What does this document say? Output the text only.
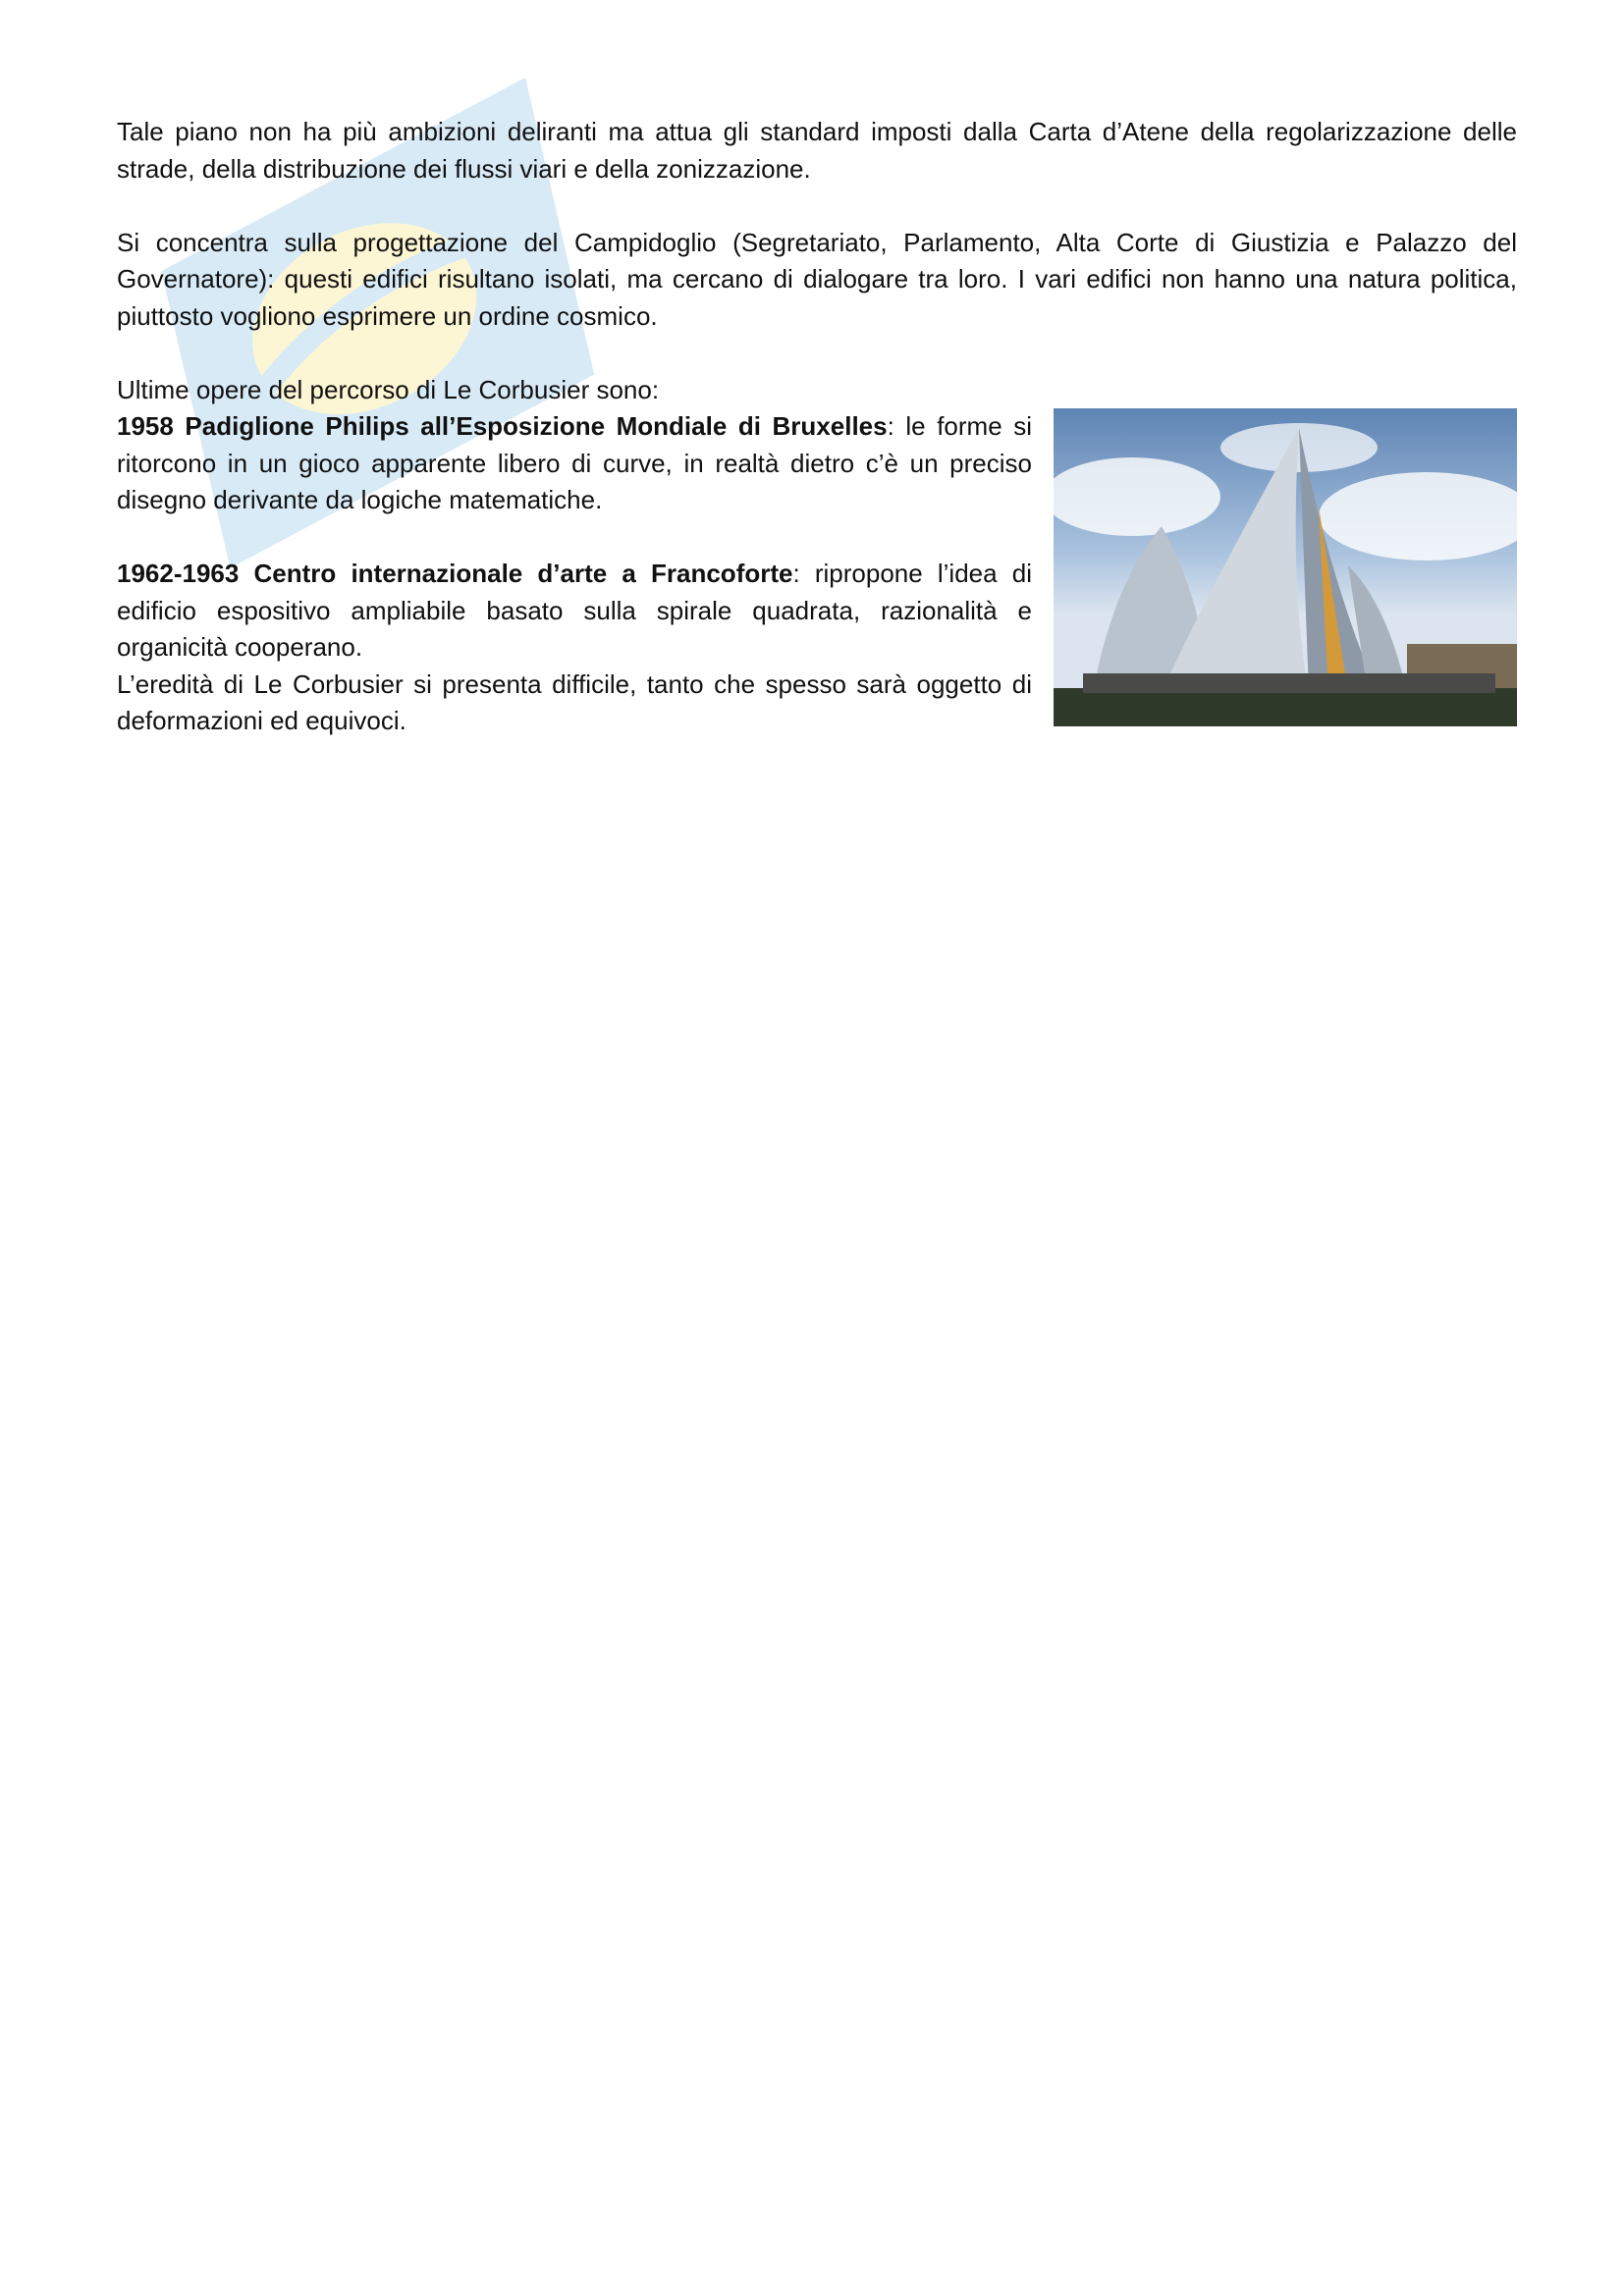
Tale piano non ha più ambizioni deliranti ma attua gli standard imposti dalla Carta d’Atene della regolarizzazione delle strade, della distribuzione dei flussi viari e della zonizzazione.

Si concentra sulla progettazione del Campidoglio (Segretariato, Parlamento, Alta Corte di Giustizia e Palazzo del Governatore): questi edifici risultano isolati, ma cercano di dialogare tra loro. I vari edifici non hanno una natura politica, piuttosto vogliono esprimere un ordine cosmico.

Ultime opere del percorso di Le Corbusier sono:

1958 Padiglione Philips all’Esposizione Mondiale di Bruxelles: le forme si ritorcono in un gioco apparente libero di curve, in realtà dietro c’è un preciso disegno derivante da logiche matematiche.

1962-1963 Centro internazionale d’arte a Francoforte: ripropone l’idea di edificio espositivo ampliabile basato sulla spirale quadrata, razionalità e organicità cooperano.

L’eredità di Le Corbusier si presenta difficile, tanto che spesso sarà oggetto di deformazioni ed equivoci.
